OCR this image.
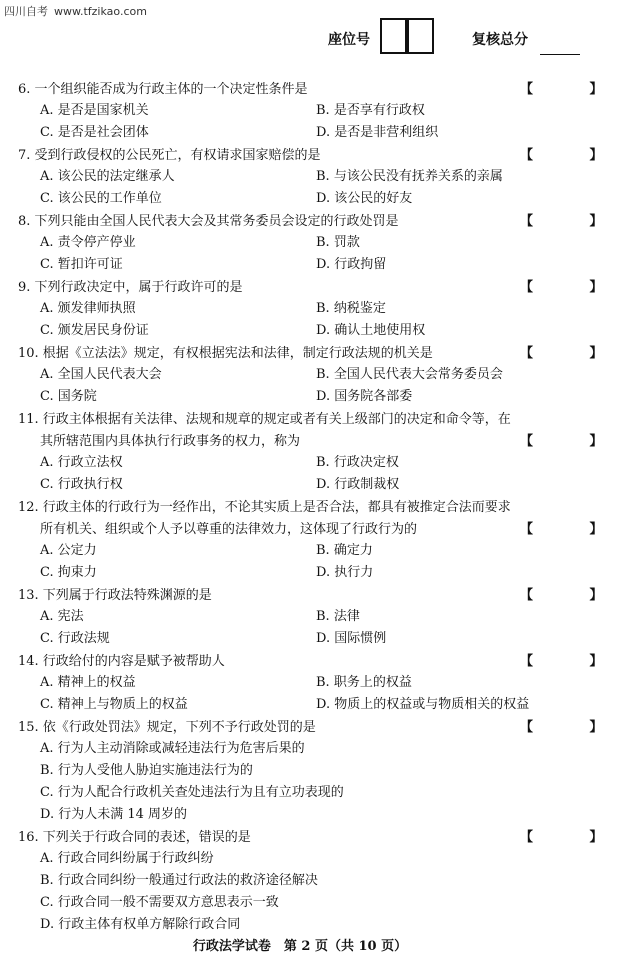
四川自考 www.tfzikao.com
座位号	复核总分
6. 一个组织能否成为行政主体的一个决定性条件是	【 】
A. 是否是国家机关	B. 是否享有行政权
C. 是否是社会团体	D. 是否是非营利组织
7. 受到行政侵权的公民死亡，有权请求国家赔偿的是	【 】
A. 该公民的法定继承人	B. 与该公民没有抚养关系的亲属
C. 该公民的工作单位	D. 该公民的好友
8. 下列只能由全国人民代表大会及其常务委员会设定的行政处罚是	【 】
A. 责令停产停业	B. 罚款
C. 暂扣许可证	D. 行政拘留
9. 下列行政决定中，属于行政许可的是	【 】
A. 颁发律师执照	B. 纳税鉴定
C. 颁发居民身份证	D. 确认土地使用权
10. 根据《立法法》规定，有权根据宪法和法律，制定行政法规的机关是	【 】
A. 全国人民代表大会	B. 全国人民代表大会常务委员会
C. 国务院	D. 国务院各部委
11. 行政主体根据有关法律、法规和规章的规定或者有关上级部门的决定和命令等，在
其所辖范围内具体执行行政事务的权力，称为	【 】
A. 行政立法权	B. 行政决定权
C. 行政执行权	D. 行政制裁权
12. 行政主体的行政行为一经作出，不论其实质上是否合法，都具有被推定合法而要求
所有机关、组织或个人予以尊重的法律效力，这体现了行政行为的	【 】
A. 公定力	B. 确定力
C. 拘束力	D. 执行力
13. 下列属于行政法特殊渊源的是	【 】
A. 宪法	B. 法律
C. 行政法规	D. 国际惯例
14. 行政给付的内容是赋予被帮助人	【 】
A. 精神上的权益	B. 职务上的权益
C. 精神上与物质上的权益	D. 物质上的权益或与物质相关的权益
15. 依《行政处罚法》规定，下列不予行政处罚的是	【 】
A. 行为人主动消除或减轻违法行为危害后果的
B. 行为人受他人胁迫实施违法行为的
C. 行为人配合行政机关查处违法行为且有立功表现的
D. 行为人未满 14 周岁的
16. 下列关于行政合同的表述，错误的是	【 】
A. 行政合同纠纷属于行政纠纷
B. 行政合同纠纷一般通过行政法的救济途径解决
C. 行政合同一般不需要双方意思表示一致
D. 行政主体有权单方解除行政合同
行政法学试卷　第 2 页（共 10 页）
